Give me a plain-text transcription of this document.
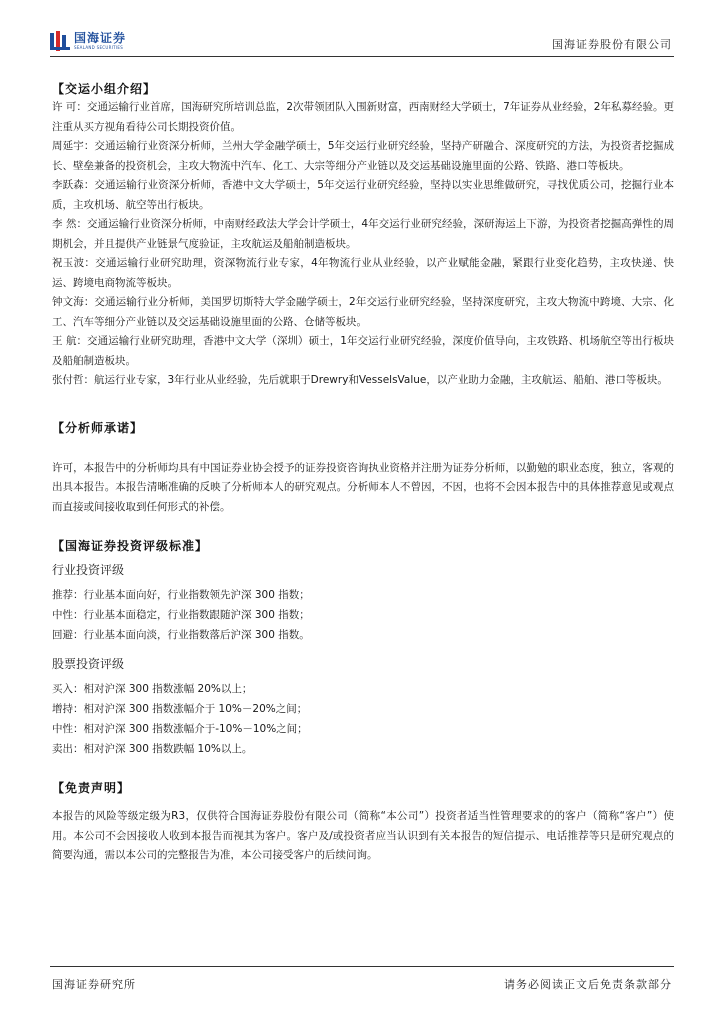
国海证券
SEALAND SECURITIES	国海证券股份有限公司
【交运小组介绍】

许 可：交通运输行业首席，国海研究所培训总监，2次带领团队入围新财富，西南财经大学硕士，7年证券从业经验，2年私募经验。更注重从买方视角看待公司长期投资价值。

周延宇：交通运输行业资深分析师，兰州大学金融学硕士，5年交运行业研究经验，坚持产研融合、深度研究的方法，为投资者挖掘成长、壁垒兼备的投资机会，主攻大物流中汽车、化工、大宗等细分产业链以及交运基础设施里面的公路、铁路、港口等板块。

李跃森：交通运输行业资深分析师，香港中文大学硕士，5年交运行业研究经验，坚持以实业思维做研究，寻找优质公司，挖掘行业本质，主攻机场、航空等出行板块。

李 然：交通运输行业资深分析师，中南财经政法大学会计学硕士，4年交运行业研究经验，深研海运上下游，为投资者挖掘高弹性的周期机会，并且提供产业链景气度验证，主攻航运及船舶制造板块。

祝玉波：交通运输行业研究助理，资深物流行业专家，4年物流行业从业经验，以产业赋能金融，紧跟行业变化趋势，主攻快递、快运、跨境电商物流等板块。

钟文海：交通运输行业分析师，美国罗切斯特大学金融学硕士，2年交运行业研究经验，坚持深度研究，主攻大物流中跨境、大宗、化工、汽车等细分产业链以及交运基础设施里面的公路、仓储等板块。

王 航：交通运输行业研究助理，香港中文大学（深圳）硕士，1年交运行业研究经验，深度价值导向，主攻铁路、机场航空等出行板块及船舶制造板块。

张付哲：航运行业专家，3年行业从业经验，先后就职于Drewry和VesselsValue，以产业助力金融，主攻航运、船舶、港口等板块。

【分析师承诺】

许可，本报告中的分析师均具有中国证券业协会授予的证券投资咨询执业资格并注册为证券分析师，以勤勉的职业态度，独立，客观的出具本报告。本报告清晰准确的反映了分析师本人的研究观点。分析师本人不曾因，不因，也将不会因本报告中的具体推荐意见或观点而直接或间接收取到任何形式的补偿。

【国海证券投资评级标准】
行业投资评级
推荐：行业基本面向好，行业指数领先沪深 300 指数；
中性：行业基本面稳定，行业指数跟随沪深 300 指数；
回避：行业基本面向淡，行业指数落后沪深 300 指数。
股票投资评级
买入：相对沪深 300 指数涨幅 20%以上；
增持：相对沪深 300 指数涨幅介于 10%－20%之间；
中性：相对沪深 300 指数涨幅介于-10%－10%之间；
卖出：相对沪深 300 指数跌幅 10%以上。
【免责声明】

本报告的风险等级定级为R3，仅供符合国海证券股份有限公司（简称“本公司”）投资者适当性管理要求的的客户（简称“客户”）使用。本公司不会因接收人收到本报告而视其为客户。客户及/或投资者应当认识到有关本报告的短信提示、电话推荐等只是研究观点的简要沟通，需以本公司的完整报告为准，本公司接受客户的后续问询。

国海证券研究所	请务必阅读正文后免责条款部分
